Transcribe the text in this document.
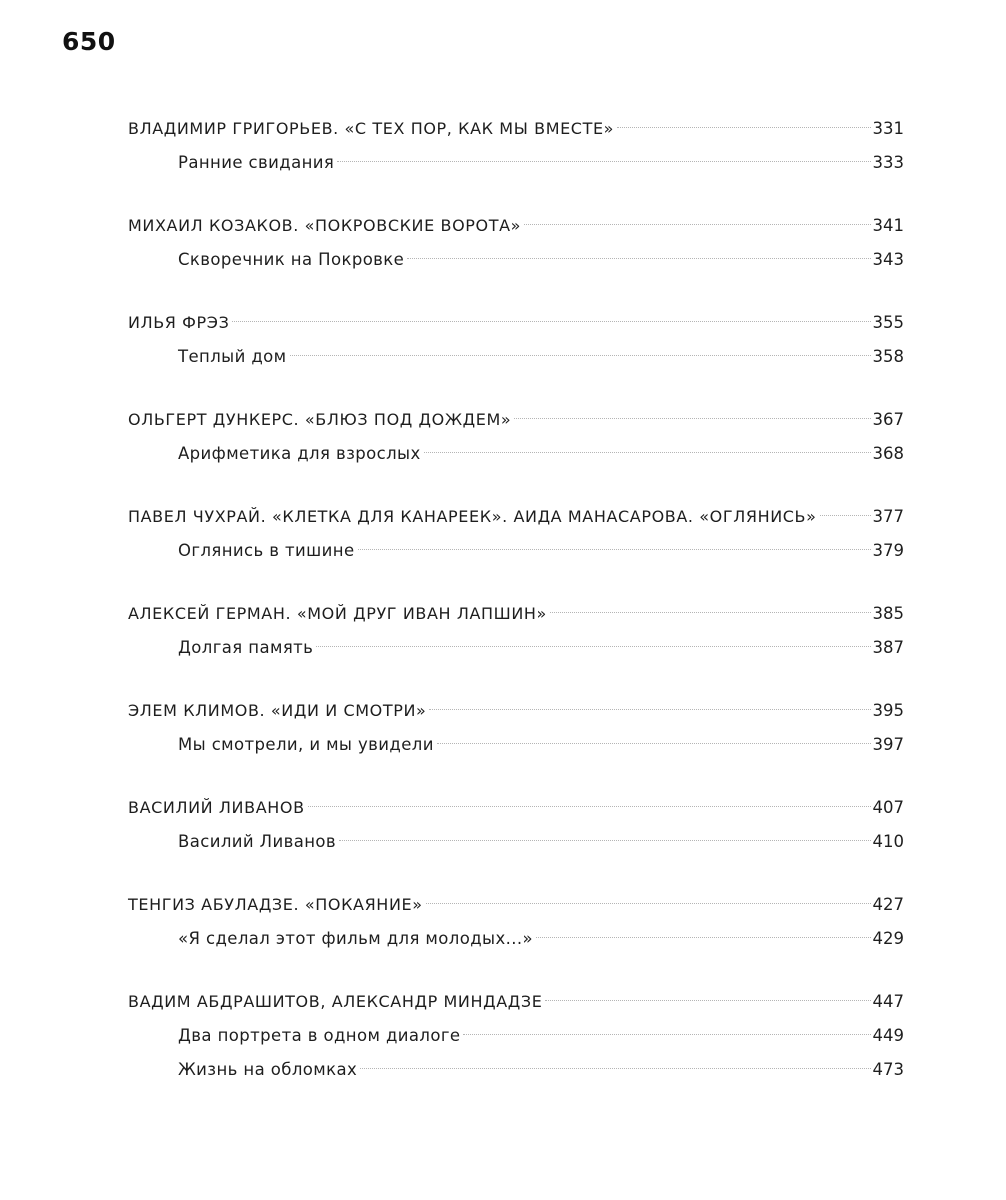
650
ВЛАДИМИР ГРИГОРЬЕВ. «С ТЕХ ПОР, КАК МЫ ВМЕСТЕ»	331
Ранние свидания	333
МИХАИЛ КОЗАКОВ. «ПОКРОВСКИЕ ВОРОТА»	341
Скворечник на Покровке	343
ИЛЬЯ ФРЭЗ	355
Теплый дом	358
ОЛЬГЕРТ ДУНКЕРС. «БЛЮЗ ПОД ДОЖДЕМ»	367
Арифметика для взрослых	368
ПАВЕЛ ЧУХРАЙ. «КЛЕТКА ДЛЯ КАНАРЕЕК». АИДА МАНАСАРОВА. «ОГЛЯНИСЬ»	377
Оглянись в тишине	379
АЛЕКСЕЙ ГЕРМАН. «МОЙ ДРУГ ИВАН ЛАПШИН»	385
Долгая память	387
ЭЛЕМ КЛИМОВ. «ИДИ И СМОТРИ»	395
Мы смотрели, и мы увидели	397
ВАСИЛИЙ ЛИВАНОВ	407
Василий Ливанов	410
ТЕНГИЗ АБУЛАДЗЕ. «ПОКАЯНИЕ»	427
«Я сделал этот фильм для молодых...»	429
ВАДИМ АБДРАШИТОВ, АЛЕКСАНДР МИНДАДЗЕ	447
Два портрета в одном диалоге	449
Жизнь на обломках	473
